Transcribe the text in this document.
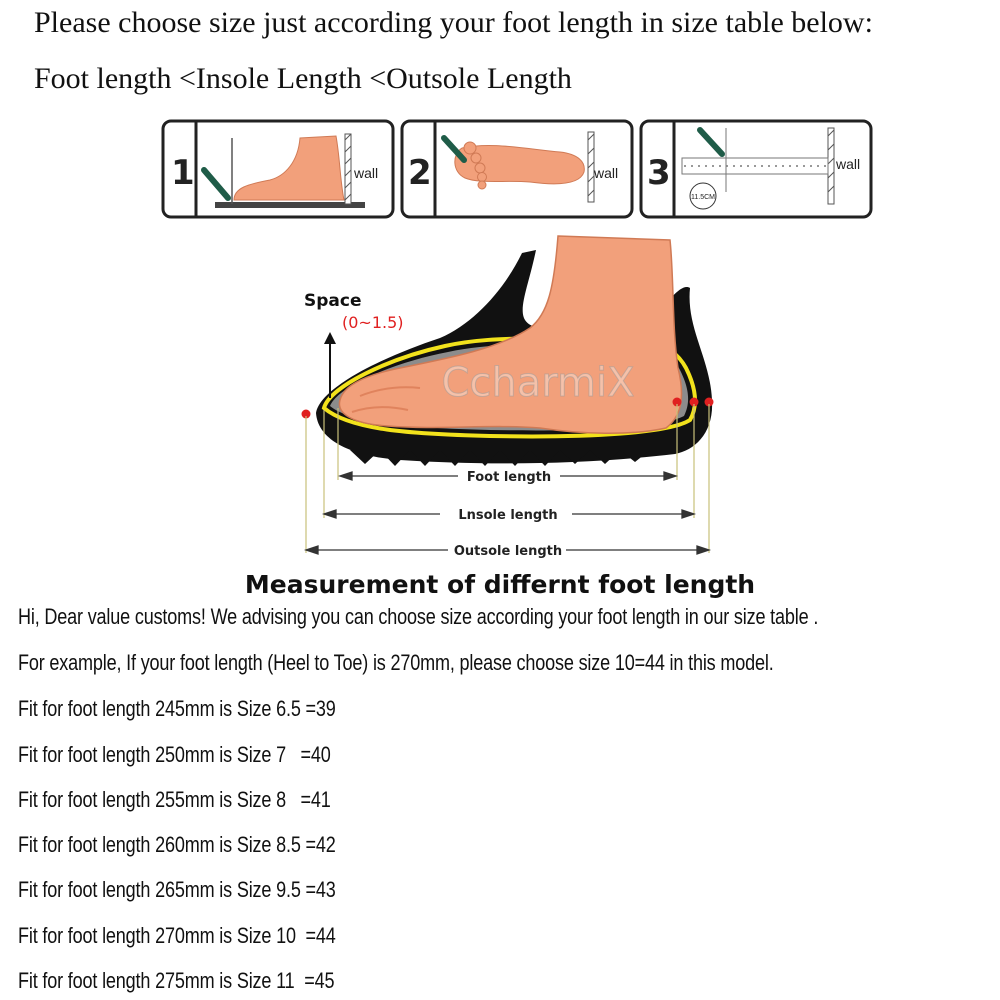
Please choose size just according your foot length in size table below:
Foot length <Insole Length <Outsole Length
1	wall 2	wall 3
11.5CM
wall
CcharmiX
Space
(0~1.5)
Foot length
Lnsole length
Outsole length
Measurement of differnt foot length
Hi, Dear value customs! We advising you can choose size according your foot length in our size table .
For example, If your foot length (Heel to Toe) is 270mm, please choose size 10=44 in this model.
Fit for foot length 245mm is Size 6.5 =39
Fit for foot length 250mm is Size 7   =40
Fit for foot length 255mm is Size 8   =41
Fit for foot length 260mm is Size 8.5 =42
Fit for foot length 265mm is Size 9.5 =43
Fit for foot length 270mm is Size 10  =44
Fit for foot length 275mm is Size 11  =45
